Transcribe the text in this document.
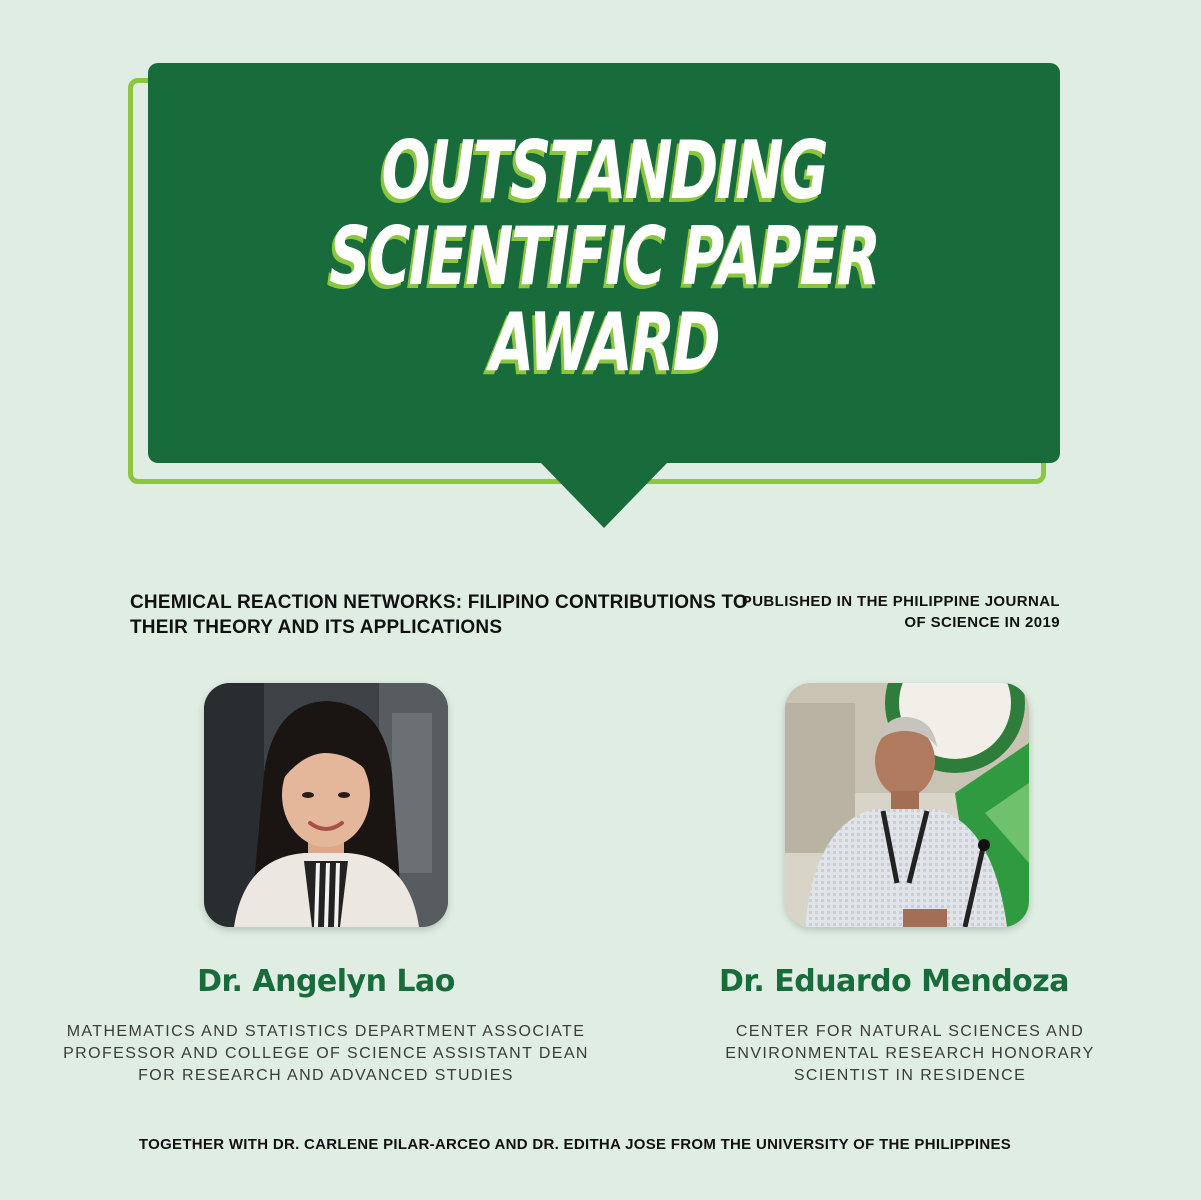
OUTSTANDING
SCIENTIFIC PAPER
AWARD
CHEMICAL REACTION NETWORKS: FILIPINO CONTRIBUTIONS TO THEIR THEORY AND ITS APPLICATIONS
PUBLISHED IN THE PHILIPPINE JOURNAL OF SCIENCE IN 2019
Dr. Angelyn Lao
MATHEMATICS AND STATISTICS DEPARTMENT ASSOCIATE PROFESSOR AND COLLEGE OF SCIENCE ASSISTANT DEAN FOR RESEARCH AND ADVANCED STUDIES
Dr. Eduardo Mendoza
CENTER FOR NATURAL SCIENCES AND ENVIRONMENTAL RESEARCH HONORARY SCIENTIST IN RESIDENCE
TOGETHER WITH DR. CARLENE PILAR-ARCEO AND DR. EDITHA JOSE FROM THE UNIVERSITY OF THE PHILIPPINES
